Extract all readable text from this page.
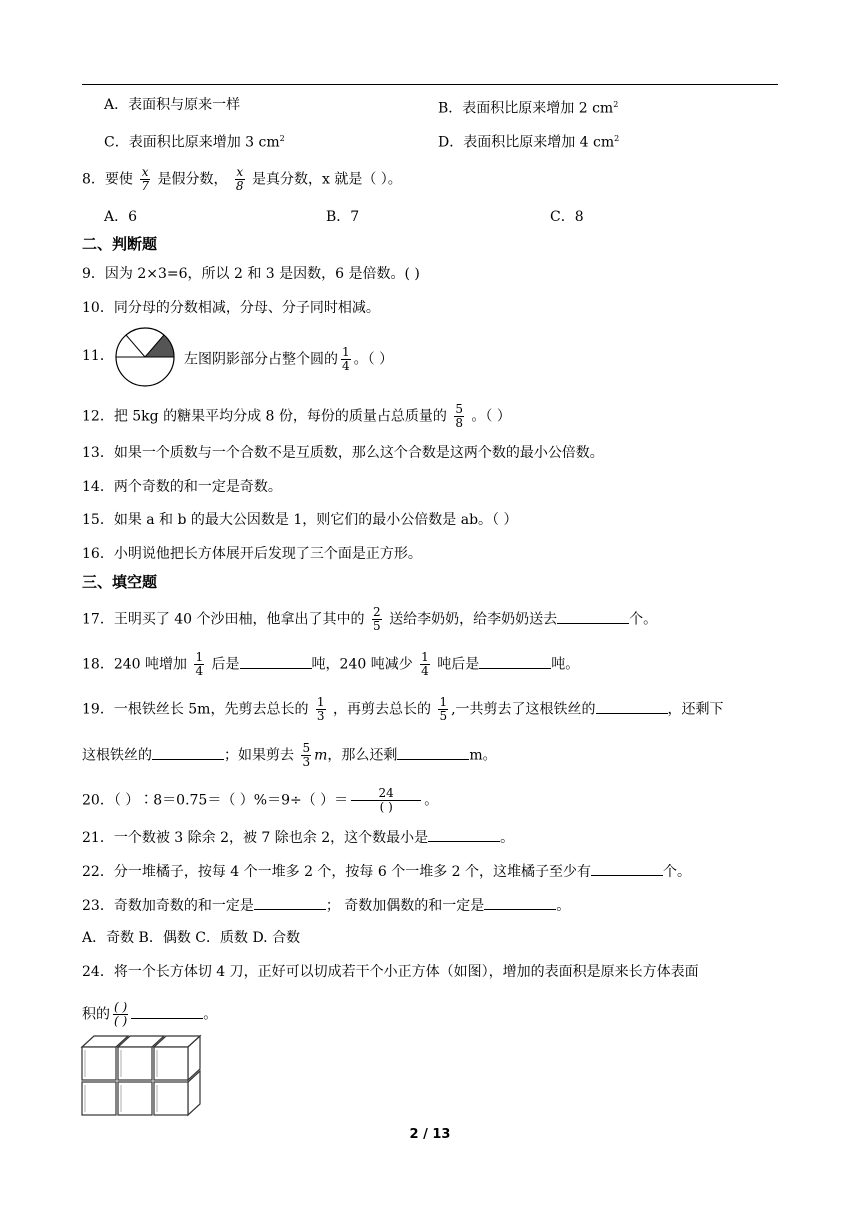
A．表面积与原来一样	B．表面积比原来增加 2 $cm^2$
C．表面积比原来增加 3 $cm^2$	D．表面积比原来增加 4 $cm^2$
8．要使 $\frac{x}{7}$ 是假分数， $\frac{x}{8}$ 是真分数，x 就是（ ）。
A．6	B．7	C．8
二、判断题
9．因为 2×3=6，所以 2 和 3 是因数，6 是倍数。( )
10．同分母的分数相减，分母、分子同时相减。
11．	左图阴影部分占整个圆的 $\frac{1}{4}$ 。（ ）
12．把 5kg 的糖果平均分成 8 份，每份的质量占总质量的 $\frac{5}{8}$ 。（ ）
13．如果一个质数与一个合数不是互质数，那么这个合数是这两个数的最小公倍数。
14．两个奇数的和一定是奇数。
15．如果 a 和 b 的最大公因数是 1，则它们的最小公倍数是 ab。（ ）
16．小明说他把长方体展开后发现了三个面是正方形。
三、填空题
17．王明买了 40 个沙田柚，他拿出了其中的 $\frac{2}{5}$ 送给李奶奶，给李奶奶送去	个。
18．240 吨增加 $\frac{1}{4}$ 后是	吨，240 吨减少 $\frac{1}{4}$ 吨后是	吨。
19．一根铁丝长 5m，先剪去总长的 $\frac{1}{3}$ ，再剪去总长的 $\frac{1}{5}$ ,一共剪去了这根铁丝的	，还剩下
这根铁丝的	；如果剪去 $\frac{5}{3}$ m，那么还剩	m。
20．（ ）∶8＝0.75＝（ ）%＝9÷（ ）＝ $\frac{24}{( )}$ 。
21．一个数被 3 除余 2，被 7 除也余 2，这个数最小是	。
22．分一堆橘子，按每 4 个一堆多 2 个，按每 6 个一堆多 2 个，这堆橘子至少有	个。
23．奇数加奇数的和一定是	； 奇数加偶数的和一定是	。
A．奇数 B．偶数 C．质数 D. 合数
24．将一个长方体切 4 刀，正好可以切成若干个小正方体（如图），增加的表面积是原来长方体表面
积的 $\frac{( )}{( )}$	。
2 / 13
